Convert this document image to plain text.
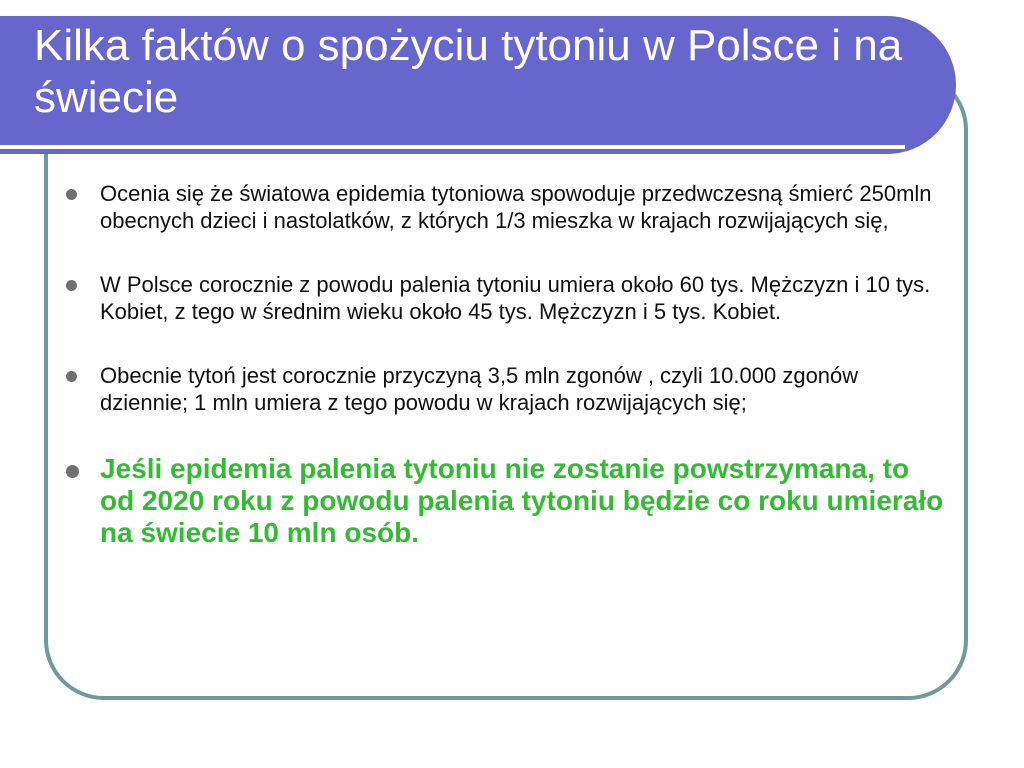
Kilka faktów o spożyciu tytoniu w Polsce i na świecie
Ocenia się że światowa epidemia tytoniowa spowoduje przedwczesną śmierć 250mln obecnych dzieci i nastolatków, z których 1/3 mieszka w krajach rozwijających się,
W Polsce corocznie z powodu palenia tytoniu umiera około 60 tys. Mężczyzn i 10 tys. Kobiet, z tego w średnim wieku około 45 tys. Mężczyzn i 5 tys. Kobiet.
Obecnie tytoń jest corocznie przyczyną 3,5 mln zgonów , czyli 10.000 zgonów dziennie; 1 mln umiera z tego powodu w krajach rozwijających się;
Jeśli epidemia palenia tytoniu nie zostanie powstrzymana, to od 2020 roku z powodu palenia tytoniu będzie co roku umierało na świecie 10 mln osób.
